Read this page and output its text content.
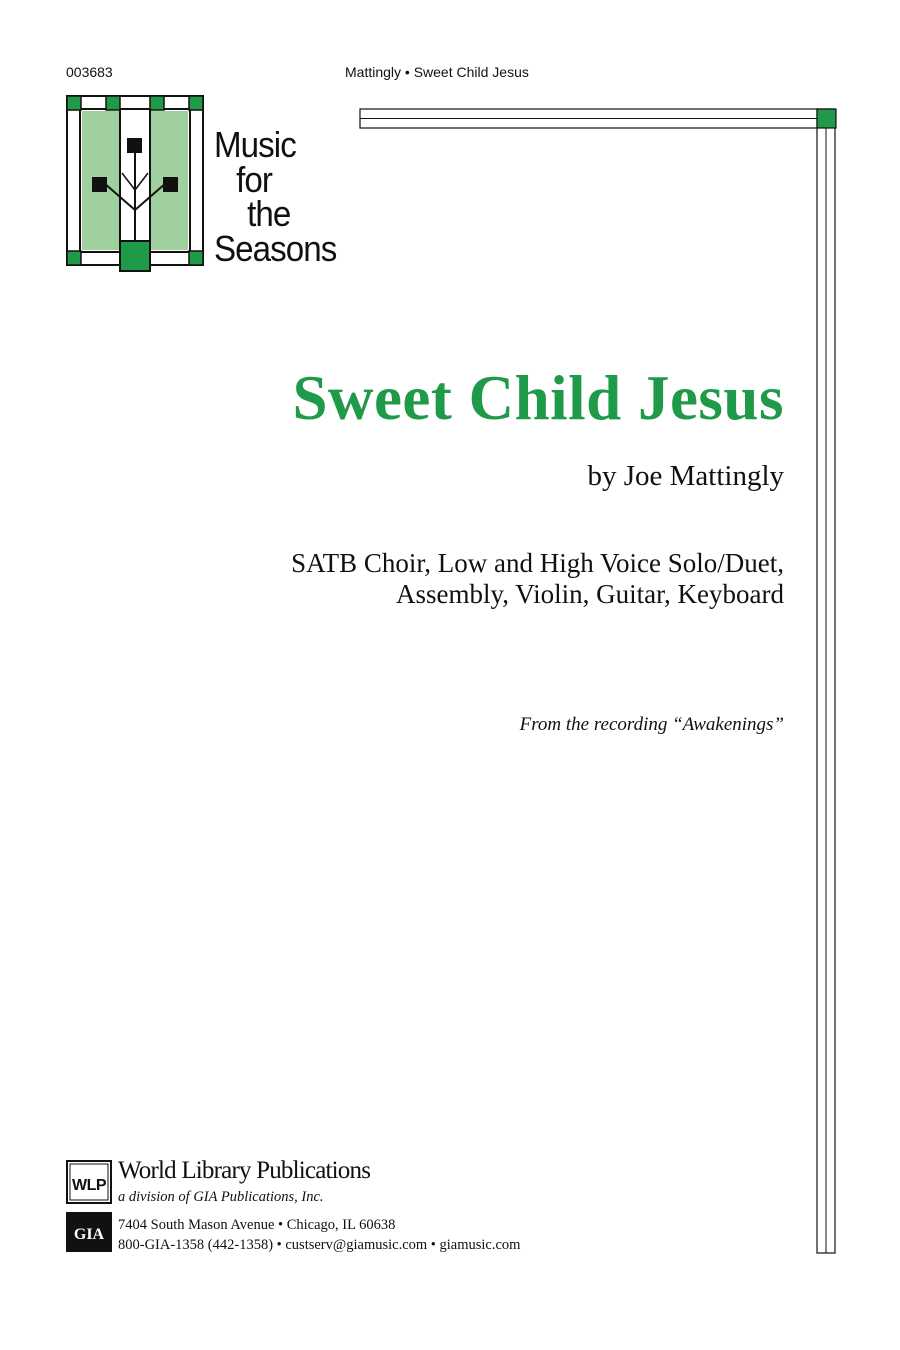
003683	Mattingly • Sweet Child Jesus
Music
for
the
Seasons
Sweet Child Jesus
by Joe Mattingly
SATB Choir, Low and High Voice Solo/Duet,
Assembly, Violin, Guitar, Keyboard
From the recording “Awakenings”
WLP
World Library Publications
a division of GIA Publications, Inc.
GIA
7404 South Mason Avenue • Chicago, IL 60638
800-GIA-1358 (442-1358) • custserv@giamusic.com • giamusic.com
